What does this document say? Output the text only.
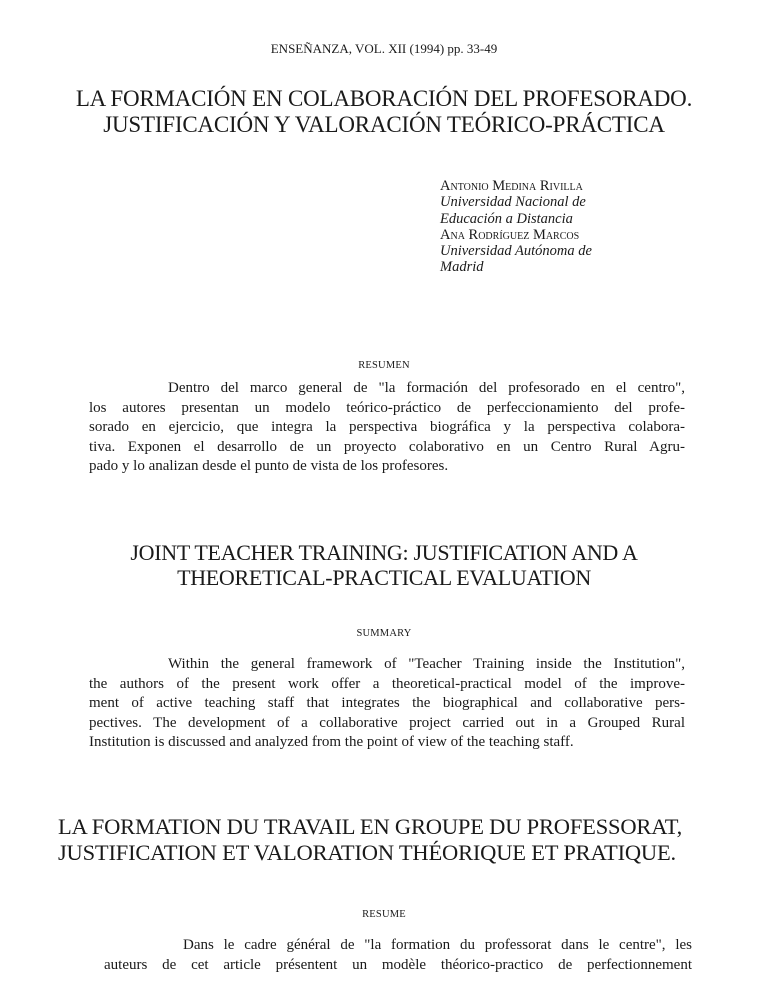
ENSEÑANZA, VOL. XII (1994) pp. 33-49
LA FORMACIÓN EN COLABORACIÓN DEL PROFESORADO.
JUSTIFICACIÓN Y VALORACIÓN TEÓRICO-PRÁCTICA
Antonio Medina Rivilla
Universidad Nacional de
Educación a Distancia
Ana Rodríguez Marcos
Universidad Autónoma de
Madrid
RESUMEN
Dentro del marco general de "la formación del profesorado en el centro",
los autores presentan un modelo teórico-práctico de perfeccionamiento del profe-
sorado en ejercicio, que integra la perspectiva biográfica y la perspectiva colabora-
tiva. Exponen el desarrollo de un proyecto colaborativo en un Centro Rural Agru-
pado y lo analizan desde el punto de vista de los profesores.
JOINT TEACHER TRAINING: JUSTIFICATION AND A
THEORETICAL-PRACTICAL EVALUATION
SUMMARY
Within the general framework of "Teacher Training inside the Institution",
the authors of the present work offer a theoretical-practical model of the improve-
ment of active teaching staff that integrates the biographical and collaborative pers-
pectives. The development of a collaborative project carried out in a Grouped Rural
Institution is discussed and analyzed from the point of view of the teaching staff.
LA FORMATION DU TRAVAIL EN GROUPE DU PROFESSORAT,
JUSTIFICATION ET VALORATION THÉORIQUE ET PRATIQUE.
RESUME
Dans le cadre général de "la formation du professorat dans le centre", les
auteurs de cet article présentent un modèle théorico-practico de perfectionnement
